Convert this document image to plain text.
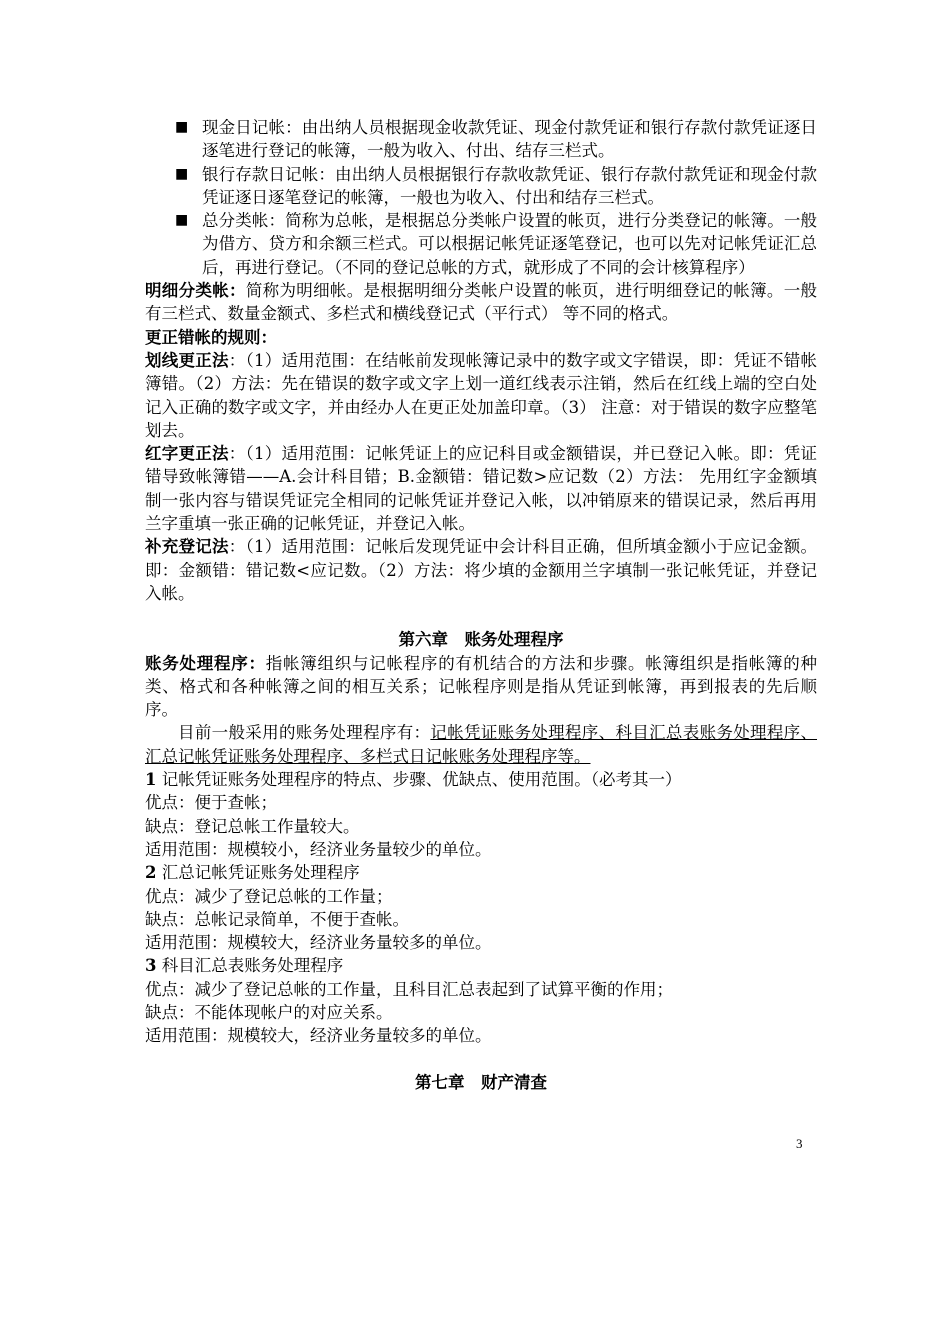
■ 现金日记帐：由出纳人员根据现金收款凭证、现金付款凭证和银行存款付款凭证逐日逐笔进行登记的帐簿，一般为收入、付出、结存三栏式。

■ 银行存款日记帐：由出纳人员根据银行存款收款凭证、银行存款付款凭证和现金付款凭证逐日逐笔登记的帐簿，一般也为收入、付出和结存三栏式。

■ 总分类帐：简称为总帐，是根据总分类帐户设置的帐页，进行分类登记的帐簿。一般为借方、贷方和余额三栏式。可以根据记帐凭证逐笔登记，也可以先对记帐凭证汇总后，再进行登记。（不同的登记总帐的方式，就形成了不同的会计核算程序）

明细分类帐：简称为明细帐。是根据明细分类帐户设置的帐页，进行明细登记的帐簿。一般有三栏式、数量金额式、多栏式和横线登记式（平行式） 等不同的格式。

更正错帐的规则：

划线更正法：（1）适用范围：在结帐前发现帐簿记录中的数字或文字错误，即：凭证不错帐簿错。（2）方法：先在错误的数字或文字上划一道红线表示注销，然后在红线上端的空白处记入正确的数字或文字，并由经办人在更正处加盖印章。（3） 注意：对于错误的数字应整笔划去。

红字更正法：（1）适用范围：记帐凭证上的应记科目或金额错误，并已登记入帐。即：凭证错导致帐簿错——A.会计科目错；B.金额错：错记数>应记数（2）方法： 先用红字金额填制一张内容与错误凭证完全相同的记帐凭证并登记入帐，以冲销原来的错误记录，然后再用兰字重填一张正确的记帐凭证，并登记入帐。

补充登记法：（1）适用范围：记帐后发现凭证中会计科目正确，但所填金额小于应记金额。即：金额错：错记数<应记数。（2）方法：将少填的金额用兰字填制一张记帐凭证，并登记入帐。

第六章　账务处理程序

账务处理程序：指帐簿组织与记帐程序的有机结合的方法和步骤。帐簿组织是指帐簿的种类、格式和各种帐簿之间的相互关系；记帐程序则是指从凭证到帐簿，再到报表的先后顺序。

目前一般采用的账务处理程序有：记帐凭证账务处理程序、科目汇总表账务处理程序、汇总记帐凭证账务处理程序、多栏式日记帐账务处理程序等。

1 记帐凭证账务处理程序的特点、步骤、优缺点、使用范围。（必考其一）

优点：便于查帐；

缺点：登记总帐工作量较大。

适用范围：规模较小，经济业务量较少的单位。

2 汇总记帐凭证账务处理程序

优点：减少了登记总帐的工作量；

缺点：总帐记录简单，不便于查帐。

适用范围：规模较大，经济业务量较多的单位。

3 科目汇总表账务处理程序

优点：减少了登记总帐的工作量，且科目汇总表起到了试算平衡的作用；

缺点：不能体现帐户的对应关系。

适用范围：规模较大，经济业务量较多的单位。

第七章　财产清查

3
